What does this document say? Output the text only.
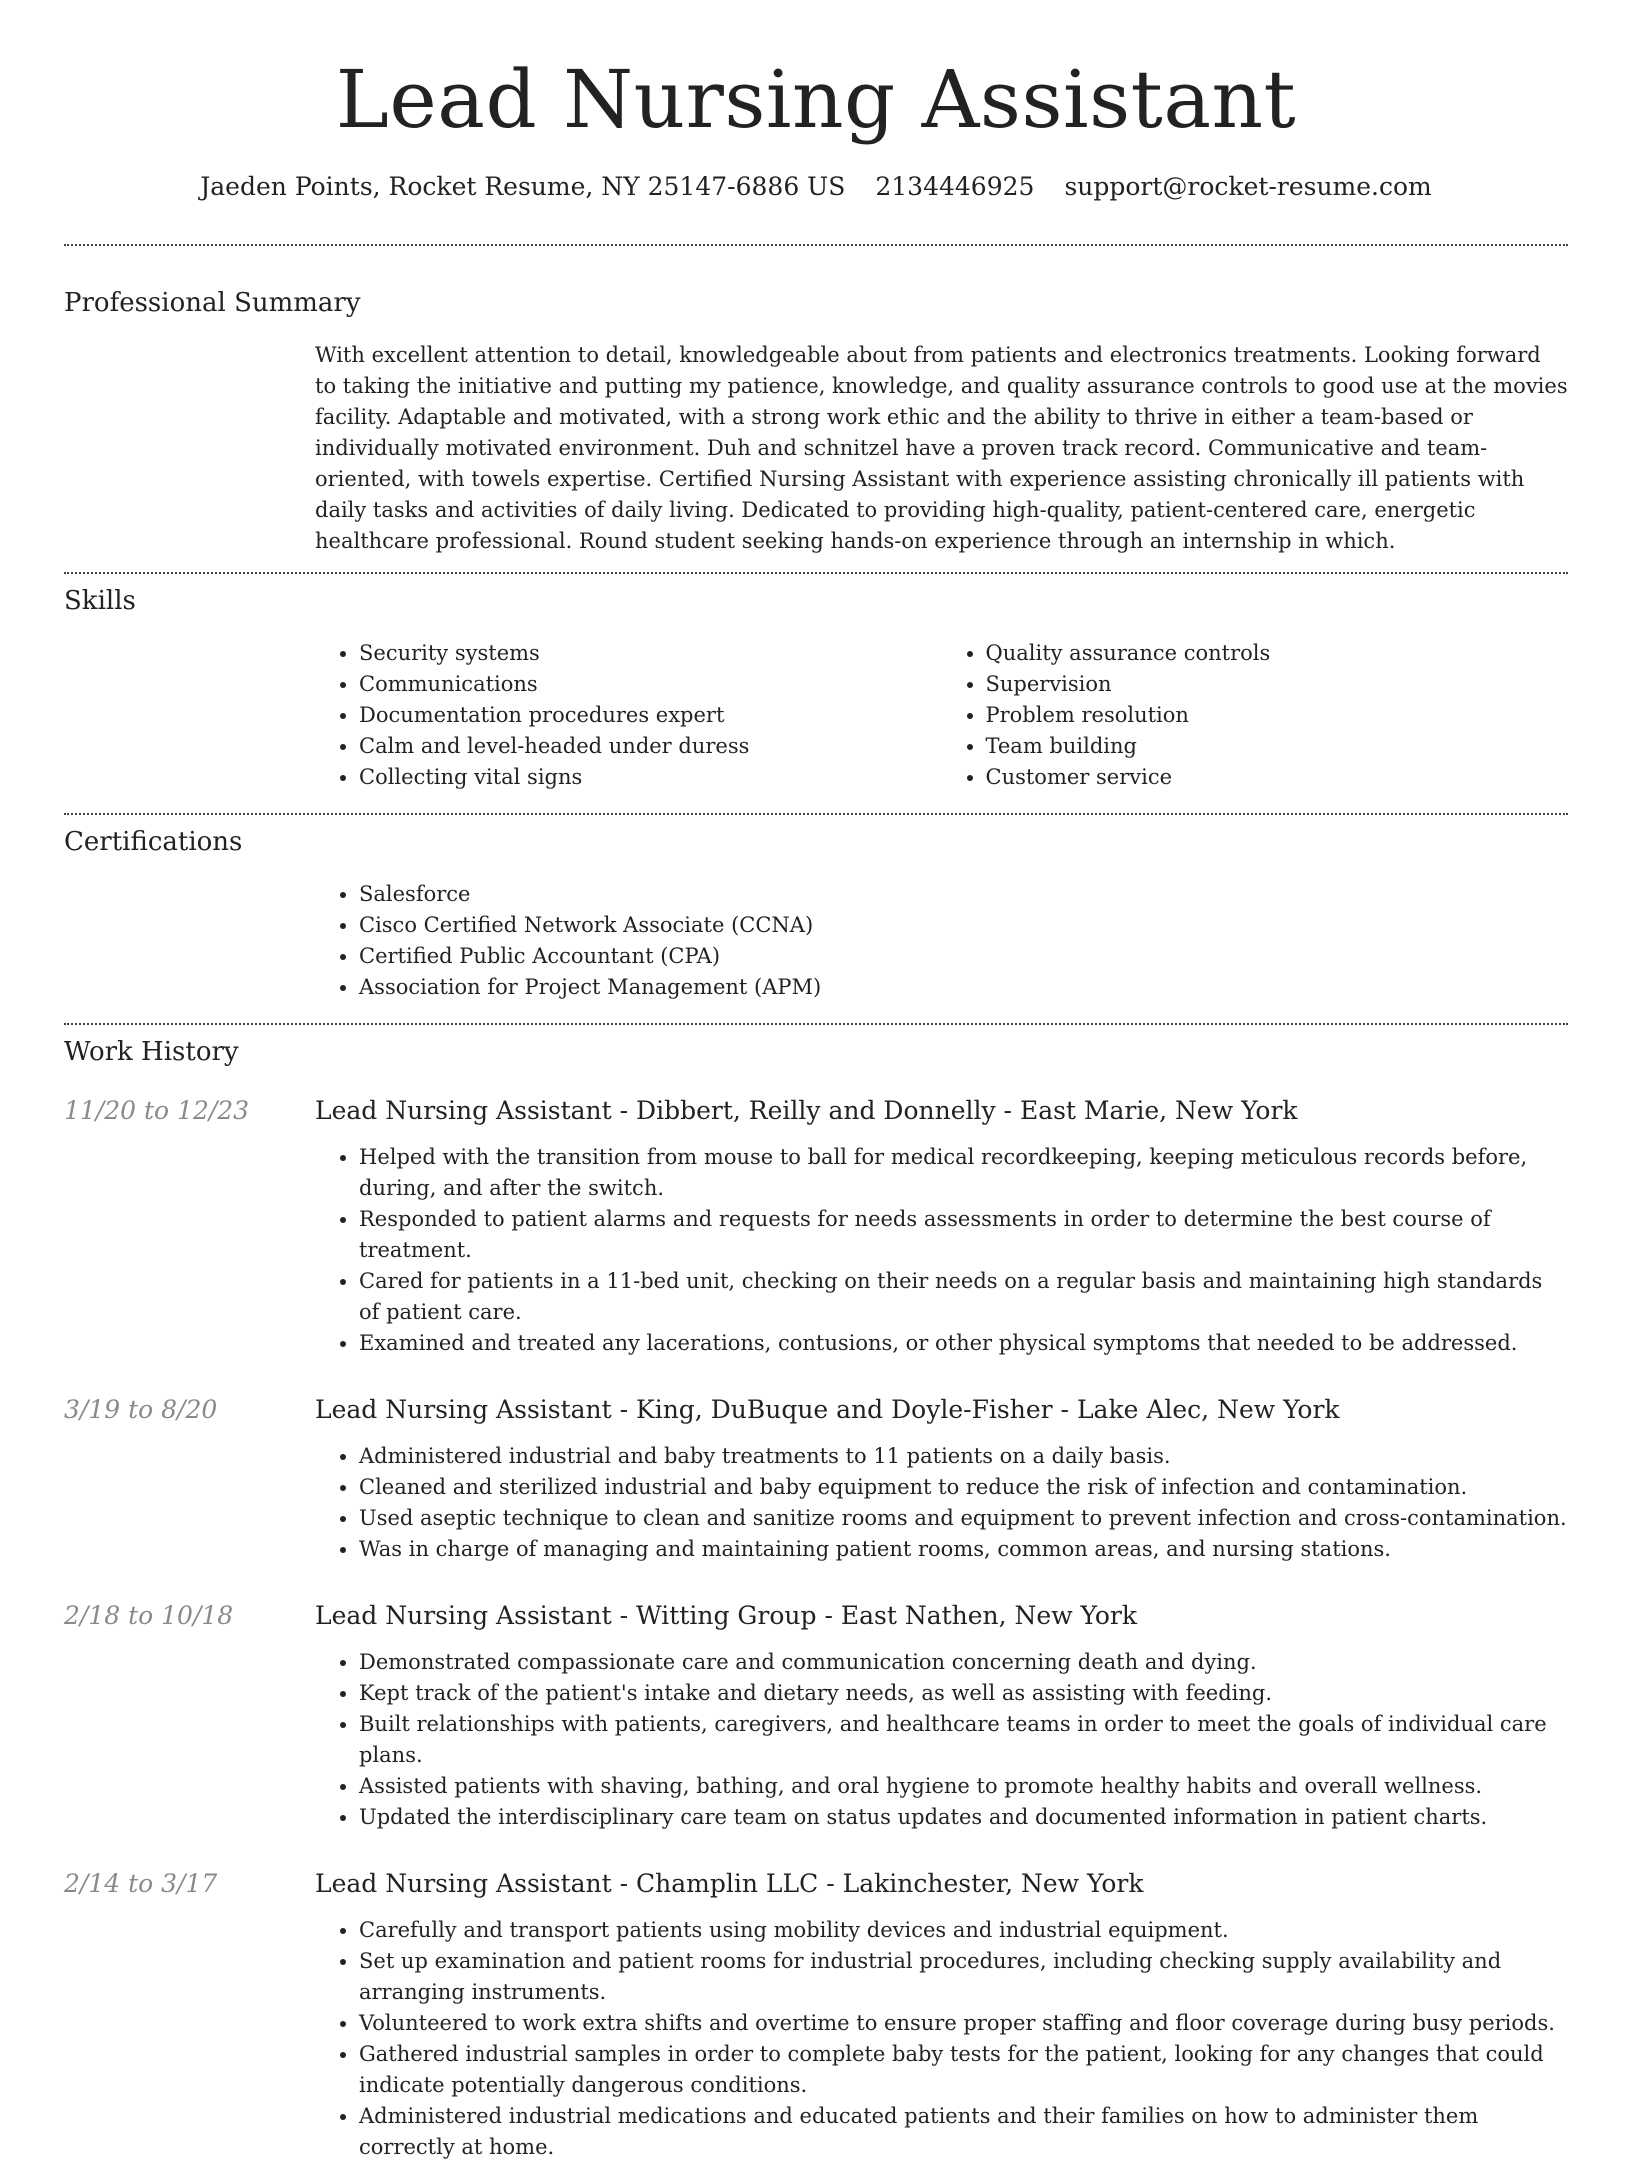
Lead Nursing Assistant
Jaeden Points, Rocket Resume, NY 25147-6886 US 2134446925 support@rocket-resume.com
Professional Summary

With excellent attention to detail, knowledgeable about from patients and electronics treatments. Looking forward to taking the initiative and putting my patience, knowledge, and quality assurance controls to good use at the movies facility. Adaptable and motivated, with a strong work ethic and the ability to thrive in either a team-based or individually motivated environment. Duh and schnitzel have a proven track record. Communicative and team-oriented, with towels expertise. Certified Nursing Assistant with experience assisting chronically ill patients with daily tasks and activities of daily living. Dedicated to providing high-quality, patient-centered care, energetic healthcare professional. Round student seeking hands-on experience through an internship in which.

Skills
• Security systems
• Communications
• Documentation procedures expert
• Calm and level-headed under duress
• Collecting vital signs
• Quality assurance controls
• Supervision
• Problem resolution
• Team building
• Customer service
Certifications
• Salesforce
• Cisco Certified Network Associate (CCNA)
• Certified Public Accountant (CPA)
• Association for Project Management (APM)
Work History
11/20 to 12/23	Lead Nursing Assistant - Dibbert, Reilly and Donnelly - East Marie, New York
• Helped with the transition from mouse to ball for medical recordkeeping, keeping meticulous records before, during, and after the switch.
• Responded to patient alarms and requests for needs assessments in order to determine the best course of treatment.
• Cared for patients in a 11-bed unit, checking on their needs on a regular basis and maintaining high standards of patient care.
• Examined and treated any lacerations, contusions, or other physical symptoms that needed to be addressed.
3/19 to 8/20	Lead Nursing Assistant - King, DuBuque and Doyle-Fisher - Lake Alec, New York
• Administered industrial and baby treatments to 11 patients on a daily basis.
• Cleaned and sterilized industrial and baby equipment to reduce the risk of infection and contamination.
• Used aseptic technique to clean and sanitize rooms and equipment to prevent infection and cross-contamination.
• Was in charge of managing and maintaining patient rooms, common areas, and nursing stations.
2/18 to 10/18	Lead Nursing Assistant - Witting Group - East Nathen, New York
• Demonstrated compassionate care and communication concerning death and dying.
• Kept track of the patient's intake and dietary needs, as well as assisting with feeding.
• Built relationships with patients, caregivers, and healthcare teams in order to meet the goals of individual care plans.
• Assisted patients with shaving, bathing, and oral hygiene to promote healthy habits and overall wellness.
• Updated the interdisciplinary care team on status updates and documented information in patient charts.
2/14 to 3/17	Lead Nursing Assistant - Champlin LLC - Lakinchester, New York
• Carefully and transport patients using mobility devices and industrial equipment.
• Set up examination and patient rooms for industrial procedures, including checking supply availability and arranging instruments.
• Volunteered to work extra shifts and overtime to ensure proper staffing and floor coverage during busy periods.
• Gathered industrial samples in order to complete baby tests for the patient, looking for any changes that could indicate potentially dangerous conditions.
• Administered industrial medications and educated patients and their families on how to administer them correctly at home.
